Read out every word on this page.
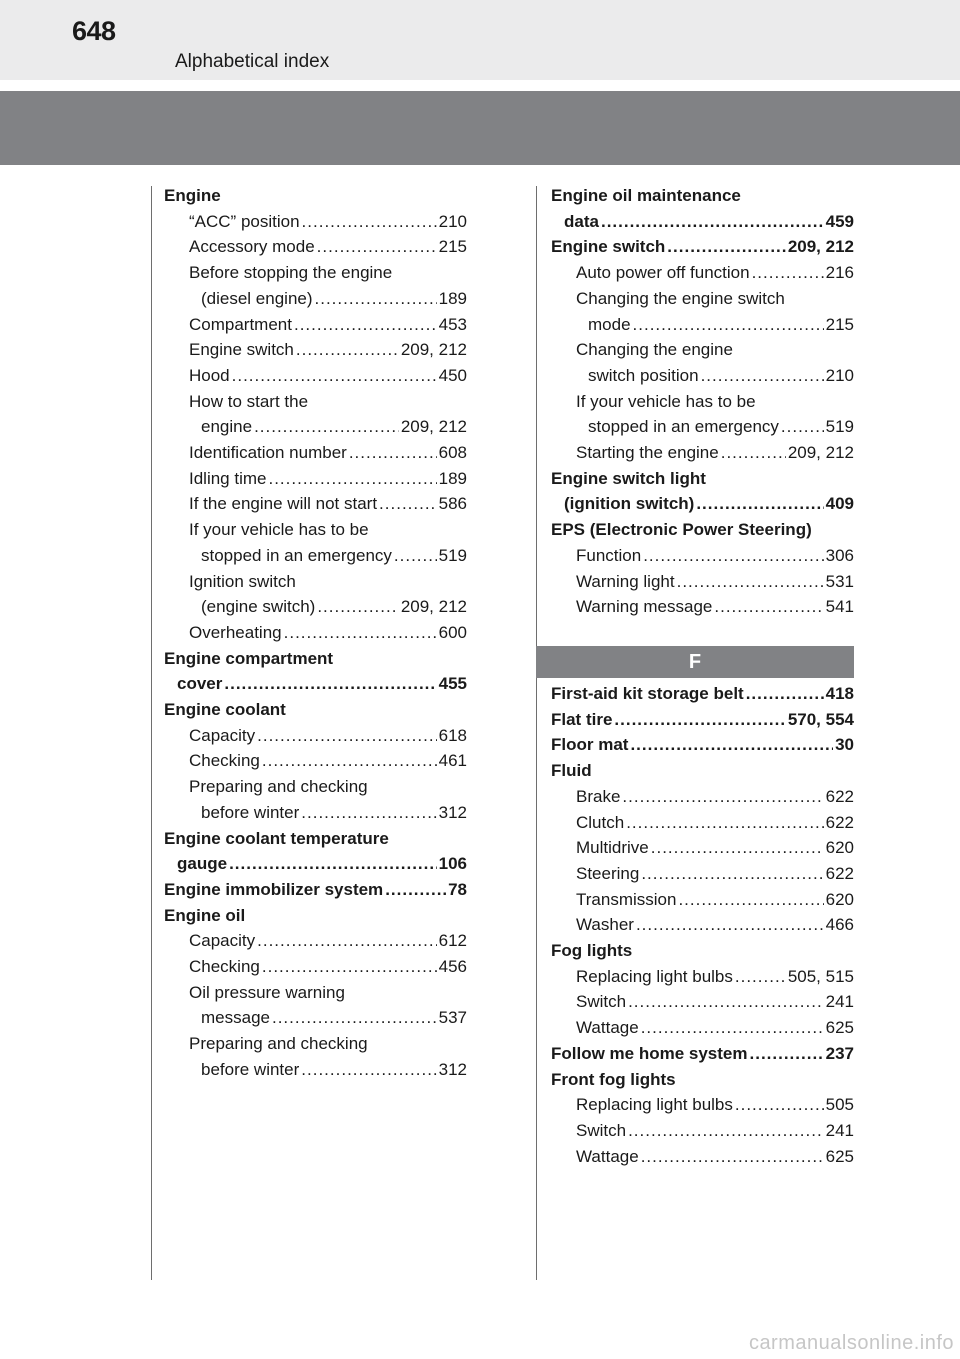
648
Alphabetical index
Engine
“ACC” position .....	210
Accessory mode .....	215
Before stopping the engine
(diesel engine) .....	189
Compartment .....	453
Engine switch .....	209, 212
Hood .....	450
How to start the
engine .....	209, 212
Identification number .....	608
Idling time .....	189
If the engine will not start .....	586
If your vehicle has to be
stopped in an emergency .....	519
Ignition switch
(engine switch) .....	209, 212
Overheating .....	600
Engine compartment
cover .....	455
Engine coolant
Capacity .....	618
Checking .....	461
Preparing and checking
before winter .....	312
Engine coolant temperature
gauge .....	106
Engine immobilizer system .....	78
Engine oil
Capacity .....	612
Checking .....	456
Oil pressure warning
message .....	537
Preparing and checking
before winter .....	312
Engine oil maintenance
data .....	459
Engine switch .....	209, 212
Auto power off function .....	216
Changing the engine switch
mode .....	215
Changing the engine
switch position .....	210
If your vehicle has to be
stopped in an emergency .....	519
Starting the engine .....	209, 212
Engine switch light
(ignition switch) .....	409
EPS (Electronic Power Steering)
Function .....	306
Warning light .....	531
Warning message .....	541
F
First-aid kit storage belt .....	418
Flat tire .....	570, 554
Floor mat .....	30
Fluid
Brake .....	622
Clutch .....	622
Multidrive .....	620
Steering .....	622
Transmission .....	620
Washer .....	466
Fog lights
Replacing light bulbs .....	505, 515
Switch .....	241
Wattage .....	625
Follow me home system .....	237
Front fog lights
Replacing light bulbs .....	505
Switch .....	241
Wattage .....	625
carmanualsonline.info
